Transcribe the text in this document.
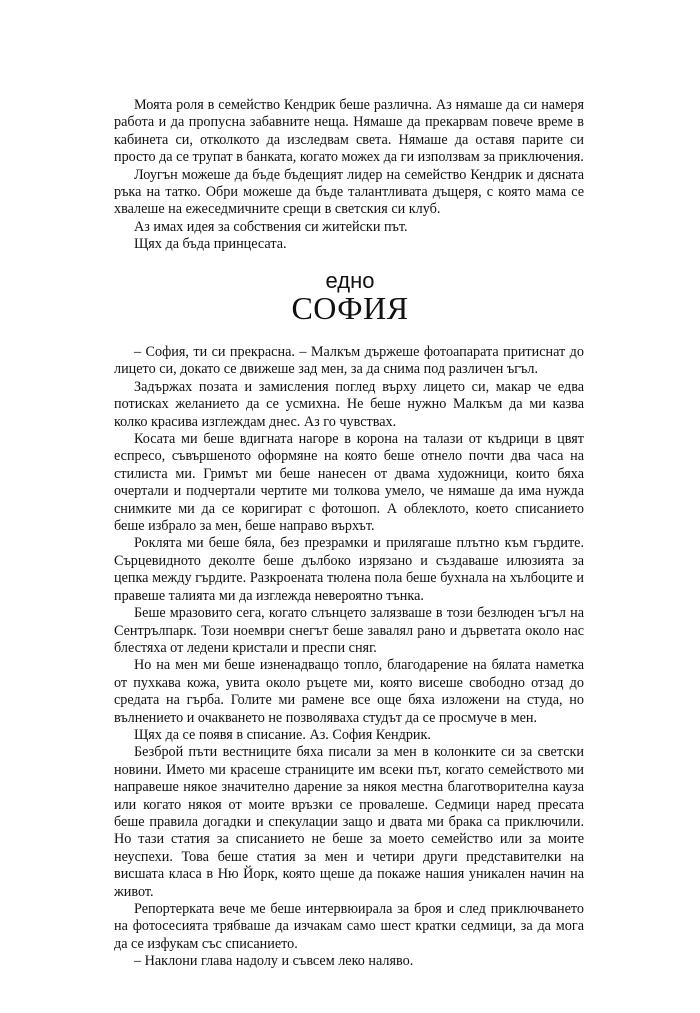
Моята роля в семейство Кендрик беше различна. Аз нямаше да си намеря работа и да пропусна забавните неща. Нямаше да прекарвам повече време в кабинета си, отколкото да изследвам света. Нямаше да оставя парите си просто да се трупат в банката, когато можех да ги използвам за приключения.

Лоугън можеше да бъде бъдещият лидер на семейство Кендрик и дясната ръка на татко. Обри можеше да бъде талантливата дъщеря, с която мама се хвалеше на ежеседмичните срещи в светския си клуб.

Аз имах идея за собствения си житейски път.

Щях да бъда принцесата.

едно
СОФИЯ

– София, ти си прекрасна. – Малкъм държеше фотоапарата притиснат до лицето си, докато се движеше зад мен, за да снима под различен ъгъл.

Задържах позата и замисления поглед върху лицето си, макар че едва потисках желанието да се усмихна. Не беше нужно Малкъм да ми казва колко красива изглеждам днес. Аз го чувствах.

Косата ми беше вдигната нагоре в корона на талази от къдрици в цвят еспресо, съвършеното оформяне на която беше отнело почти два часа на стилиста ми. Гримът ми беше нанесен от двама художници, които бяха очертали и подчертали чертите ми толкова умело, че нямаше да има нужда снимките ми да се коригират с фотошоп. А облеклото, което списанието беше избрало за мен, беше направо върхът.

Роклята ми беше бяла, без презрамки и прилягаше плътно към гърдите. Сърцевидното деколте беше дълбоко изрязано и създаваше илюзията за цепка между гърдите. Разкроената тюлена пола беше бухнала на хълбоците и правеше талията ми да изглежда невероятно тънка.

Беше мразовито сега, когато слънцето залязваше в този безлюден ъгъл на Сентрълпарк. Този ноември снегът беше завалял рано и дърветата около нас блестяха от ледени кристали и преспи сняг.

Но на мен ми беше изненадващо топло, благодарение на бялата наметка от пухкава кожа, увита около ръцете ми, която висеше свободно отзад до средата на гърба. Голите ми рамене все още бяха изложени на студа, но вълнението и очакването не позволяваха студът да се просмуче в мен.

Щях да се появя в списание. Аз. София Кендрик.

Безброй пъти вестниците бяха писали за мен в колонките си за светски новини. Името ми красеше страниците им всеки път, когато семейството ми направеше някое значително дарение за някоя местна благотворителна кауза или когато някоя от моите връзки се провалеше. Седмици наред пресата беше правила догадки и спекулации защо и двата ми брака са приключили. Но тази статия за списанието не беше за моето семейство или за моите неуспехи. Това беше статия за мен и четири други представителки на висшата класа в Ню Йорк, която щеше да покаже нашия уникален начин на живот.

Репортерката вече ме беше интервюирала за броя и след приключването на фотосесията трябваше да изчакам само шест кратки седмици, за да мога да се изфукам със списанието.

– Наклони глава надолу и съвсем леко наляво.
